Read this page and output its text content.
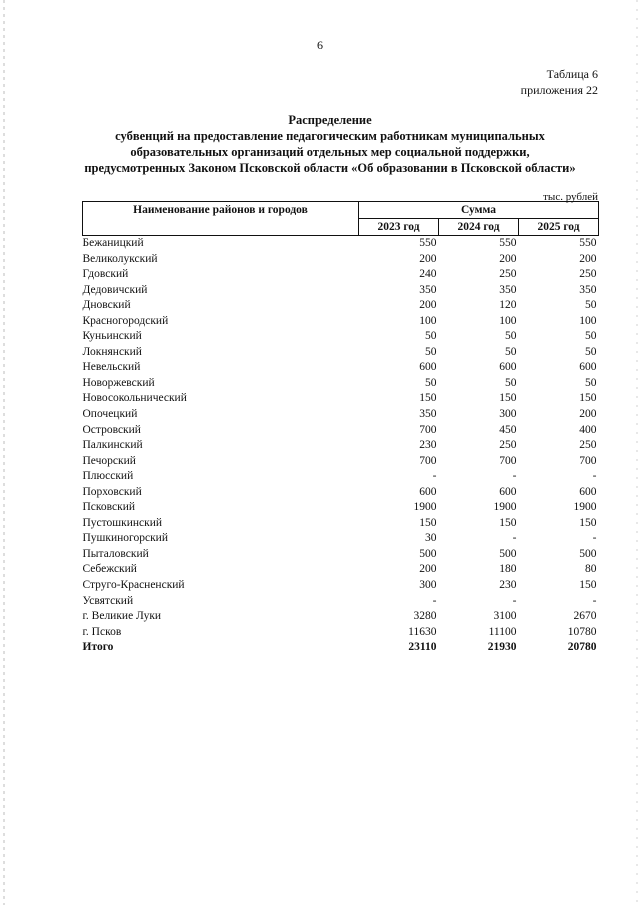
6
Таблица 6
приложения 22
Распределение
субвенций на предоставление педагогическим работникам муниципальных
образовательных организаций отдельных мер социальной поддержки,
предусмотренных Законом Псковской области «Об образовании в Псковской области»
тыс. рублей
Наименование районов и городов	Сумма		
	2023 год	2024 год	2025 год
Бежаницкий	550	550	550
Великолукский	200	200	200
Гдовский	240	250	250
Дедовичский	350	350	350
Дновский	200	120	50
Красногородский	100	100	100
Куньинский	50	50	50
Локнянский	50	50	50
Невельский	600	600	600
Новоржевский	50	50	50
Новосокольнический	150	150	150
Опочецкий	350	300	200
Островский	700	450	400
Палкинский	230	250	250
Печорский	700	700	700
Плюсский	-	-	-
Порховский	600	600	600
Псковский	1900	1900	1900
Пустошкинский	150	150	150
Пушкиногорский	30	-	-
Пыталовский	500	500	500
Себежский	200	180	80
Струго-Красненский	300	230	150
Усвятский	-	-	-
г. Великие Луки	3280	3100	2670
г. Псков	11630	11100	10780
Итого	23110	21930	20780
